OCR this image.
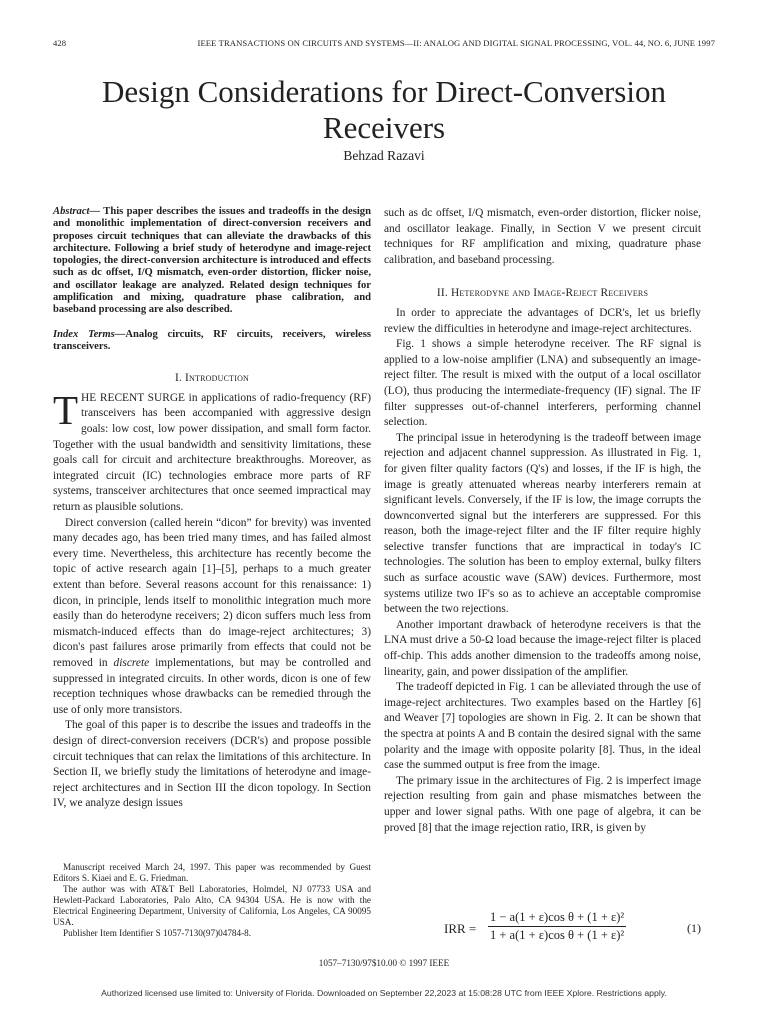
428	IEEE TRANSACTIONS ON CIRCUITS AND SYSTEMS—II: ANALOG AND DIGITAL SIGNAL PROCESSING, VOL. 44, NO. 6, JUNE 1997
Design Considerations for Direct-Conversion
Receivers
Behzad Razavi

Abstract— This paper describes the issues and tradeoffs in the design and monolithic implementation of direct-conversion receivers and proposes circuit techniques that can alleviate the drawbacks of this architecture. Following a brief study of heterodyne and image-reject topologies, the direct-conversion architecture is introduced and effects such as dc offset, I/Q mismatch, even-order distortion, flicker noise, and oscillator leakage are analyzed. Related design techniques for amplification and mixing, quadrature phase calibration, and baseband processing are also described.

Index Terms—Analog circuits, RF circuits, receivers, wireless transceivers.

I. Introduction

THE RECENT SURGE in applications of radio-frequency (RF) transceivers has been accompanied with aggressive design goals: low cost, low power dissipation, and small form factor. Together with the usual bandwidth and sensitivity limitations, these goals call for circuit and architecture breakthroughs. Moreover, as integrated circuit (IC) technologies embrace more parts of RF systems, transceiver architectures that once seemed impractical may return as plausible solutions.

Direct conversion (called herein “dicon” for brevity) was invented many decades ago, has been tried many times, and has failed almost every time. Nevertheless, this architecture has recently become the topic of active research again [1]–[5], perhaps to a much greater extent than before. Several reasons account for this renaissance: 1) dicon, in principle, lends itself to monolithic integration much more easily than do heterodyne receivers; 2) dicon suffers much less from mismatch-induced effects than do image-reject architectures; 3) dicon's past failures arose primarily from effects that could not be removed in discrete implementations, but may be controlled and suppressed in integrated circuits. In other words, dicon is one of few reception techniques whose drawbacks can be remedied through the use of only more transistors.

The goal of this paper is to describe the issues and tradeoffs in the design of direct-conversion receivers (DCR's) and propose possible circuit techniques that can relax the limitations of this architecture. In Section II, we briefly study the limitations of heterodyne and image-reject architectures and in Section III the dicon topology. In Section IV, we analyze design issues

such as dc offset, I/Q mismatch, even-order distortion, flicker noise, and oscillator leakage. Finally, in Section V we present circuit techniques for RF amplification and mixing, quadrature phase calibration, and baseband processing.

II. Heterodyne and Image-Reject Receivers

In order to appreciate the advantages of DCR's, let us briefly review the difficulties in heterodyne and image-reject architectures.

Fig. 1 shows a simple heterodyne receiver. The RF signal is applied to a low-noise amplifier (LNA) and subsequently an image-reject filter. The result is mixed with the output of a local oscillator (LO), thus producing the intermediate-frequency (IF) signal. The IF filter suppresses out-of-channel interferers, performing channel selection.

The principal issue in heterodyning is the tradeoff between image rejection and adjacent channel suppression. As illustrated in Fig. 1, for given filter quality factors (Q's) and losses, if the IF is high, the image is greatly attenuated whereas nearby interferers remain at significant levels. Conversely, if the IF is low, the image corrupts the downconverted signal but the interferers are suppressed. For this reason, both the image-reject filter and the IF filter require highly selective transfer functions that are impractical in today's IC technologies. The solution has been to employ external, bulky filters such as surface acoustic wave (SAW) devices. Furthermore, most systems utilize two IF's so as to achieve an acceptable compromise between the two rejections.

Another important drawback of heterodyne receivers is that the LNA must drive a 50-Ω load because the image-reject filter is placed off-chip. This adds another dimension to the tradeoffs among noise, linearity, gain, and power dissipation of the amplifier.

The tradeoff depicted in Fig. 1 can be alleviated through the use of image-reject architectures. Two examples based on the Hartley [6] and Weaver [7] topologies are shown in Fig. 2. It can be shown that the spectra at points A and B contain the desired signal with the same polarity and the image with opposite polarity [8]. Thus, in the ideal case the summed output is free from the image.

The primary issue in the architectures of Fig. 2 is imperfect image rejection resulting from gain and phase mismatches between the upper and lower signal paths. With one page of algebra, it can be proved [8] that the image rejection ratio, IRR, is given by

IRR = $\frac{\text{1 − a(1 + ε)cos θ + (1 + ε)²}}{\text{1 + a(1 + ε)cos θ + (1 + ε)²}}$	(1)

Manuscript received March 24, 1997. This paper was recommended by Guest Editors S. Kiaei and E. G. Friedman.

The author was with AT&T Bell Laboratories, Holmdel, NJ 07733 USA and Hewlett-Packard Laboratories, Palo Alto, CA 94304 USA. He is now with the Electrical Engineering Department, University of California, Los Angeles, CA 90095 USA.

Publisher Item Identifier S 1057-7130(97)04784-8.

1057–7130/97$10.00 © 1997 IEEE
Authorized licensed use limited to: University of Florida. Downloaded on September 22,2023 at 15:08:28 UTC from IEEE Xplore. Restrictions apply.
